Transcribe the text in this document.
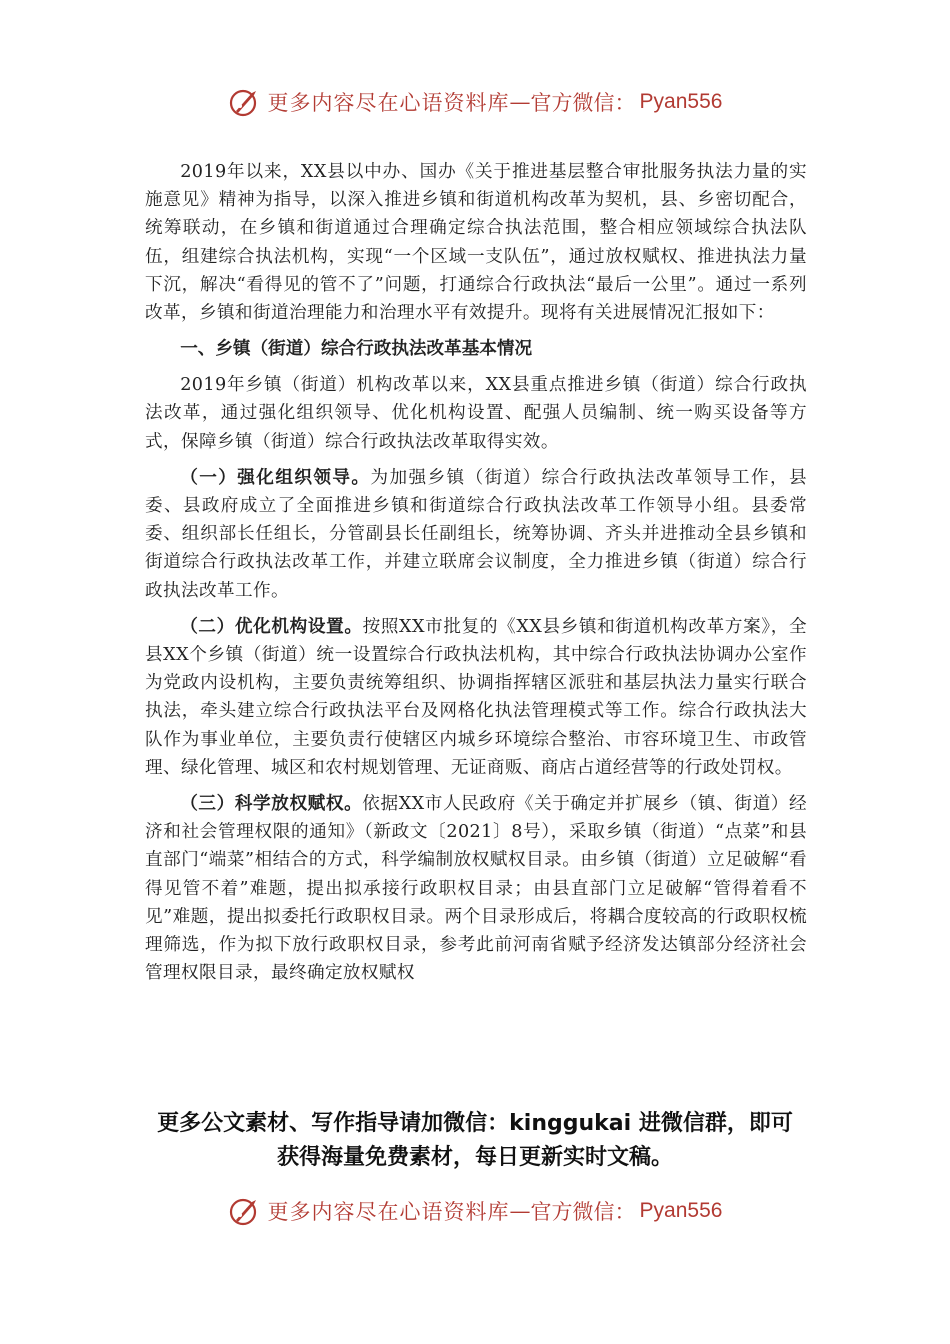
更多内容尽在心语资料库 — 官方微信： Pyan556

2019年以来，XX县以中办、国办《关于推进基层整合审批服务执法力量的实施意见》精神为指导，以深入推进乡镇和街道机构改革为契机，县、乡密切配合，统筹联动，在乡镇和街道通过合理确定综合执法范围，整合相应领域综合执法队伍，组建综合执法机构，实现“一个区域一支队伍”，通过放权赋权、推进执法力量下沉，解决“看得见的管不了”问题，打通综合行政执法“最后一公里”。通过一系列改革，乡镇和街道治理能力和治理水平有效提升。现将有关进展情况汇报如下：

一、乡镇（街道）综合行政执法改革基本情况

2019年乡镇（街道）机构改革以来，XX县重点推进乡镇（街道）综合行政执法改革，通过强化组织领导、优化机构设置、配强人员编制、统一购买设备等方式，保障乡镇（街道）综合行政执法改革取得实效。

（一）强化组织领导。为加强乡镇（街道）综合行政执法改革领导工作，县委、县政府成立了全面推进乡镇和街道综合行政执法改革工作领导小组。县委常委、组织部长任组长，分管副县长任副组长，统筹协调、齐头并进推动全县乡镇和街道综合行政执法改革工作，并建立联席会议制度，全力推进乡镇（街道）综合行政执法改革工作。

（二）优化机构设置。按照XX市批复的《XX县乡镇和街道机构改革方案》，全县XX个乡镇（街道）统一设置综合行政执法机构，其中综合行政执法协调办公室作为党政内设机构，主要负责统筹组织、协调指挥辖区派驻和基层执法力量实行联合执法，牵头建立综合行政执法平台及网格化执法管理模式等工作。综合行政执法大队作为事业单位，主要负责行使辖区内城乡环境综合整治、市容环境卫生、市政管理、绿化管理、城区和农村规划管理、无证商贩、商店占道经营等的行政处罚权。

（三）科学放权赋权。依据XX市人民政府《关于确定并扩展乡（镇、街道）经济和社会管理权限的通知》（新政文〔2021〕8号），采取乡镇（街道）“点菜”和县直部门“端菜”相结合的方式，科学编制放权赋权目录。由乡镇（街道）立足破解“看得见管不着”难题，提出拟承接行政职权目录；由县直部门立足破解“管得着看不见”难题，提出拟委托行政职权目录。两个目录形成后，将耦合度较高的行政职权梳理筛选，作为拟下放行政职权目录，参考此前河南省赋予经济发达镇部分经济社会管理权限目录，最终确定放权赋权

更多公文素材、写作指导请加微信：kinggukai 进微信群，即可
获得海量免费素材，每日更新实时文稿。
更多内容尽在心语资料库 — 官方微信： Pyan556
